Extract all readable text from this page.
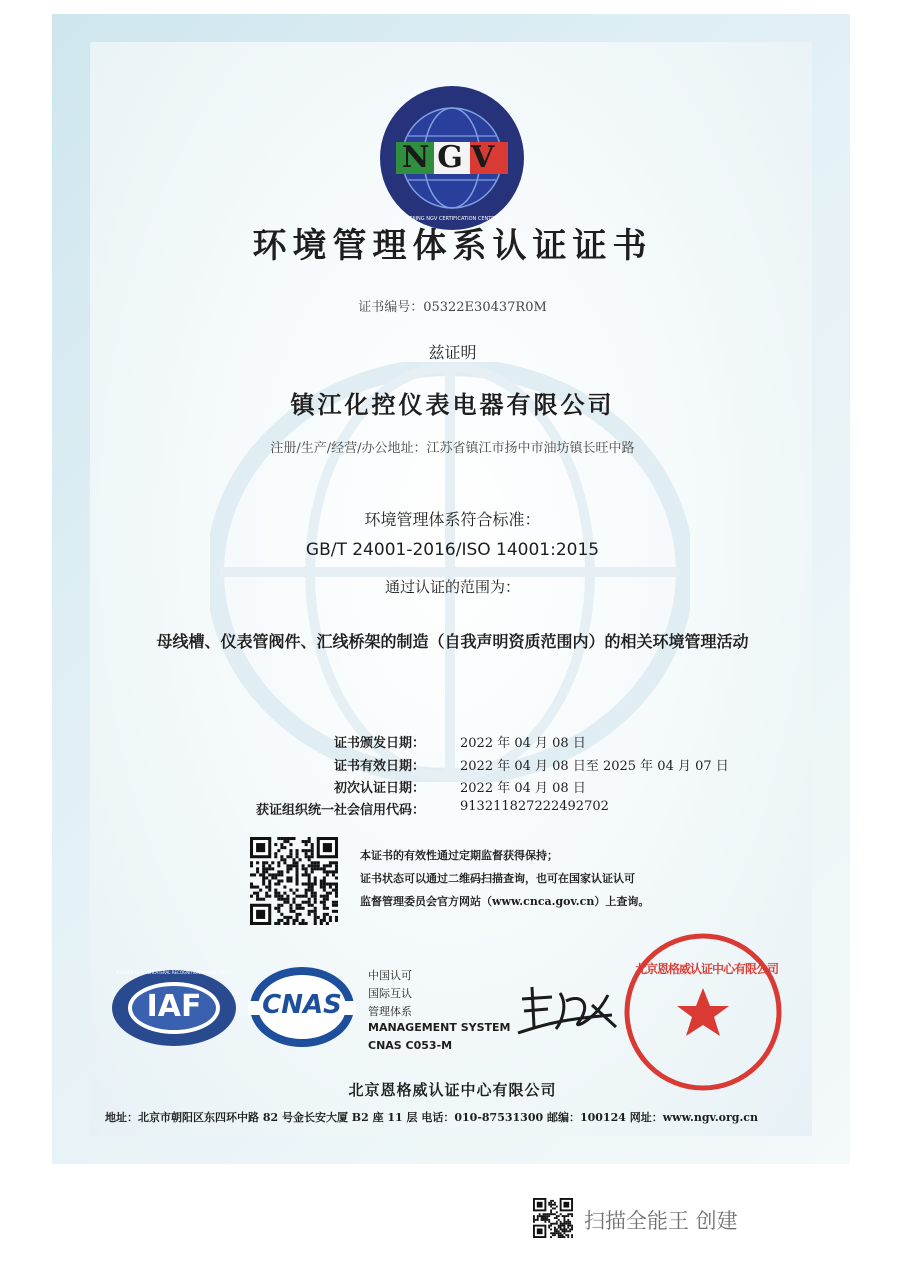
NGV
BEIJING NGV CERTIFICATION CENTRE
环境管理体系认证证书
证书编号：05322E30437R0M
兹证明
镇江化控仪表电器有限公司
注册/生产/经营/办公地址：江苏省镇江市扬中市油坊镇长旺中路
环境管理体系符合标准：
GB/T 24001-2016/ISO 14001:2015
通过认证的范围为：
母线槽、仪表管阀件、汇线桥架的制造（自我声明资质范围内）的相关环境管理活动
证书颁发日期：	2022 年 04 月 08 日
证书有效日期：	2022 年 04 月 08 日至 2025 年 04 月 07 日
初次认证日期：	2022 年 04 月 08 日
获证组织统一社会信用代码：	913211827222492702
本证书的有效性通过定期监督获得保持；
证书状态可以通过二维码扫描查询，也可在国家认证认可
监督管理委员会官方网站（www.cnca.gov.cn）上查询。
IAF
MEMBER OF MULTILATERAL RECOGNITION ARRANGEMENT
CNAS
中国认可
国际互认
管理体系
MANAGEMENT SYSTEM
CNAS C053-M
北京恩格威认证中心有限公司
北京恩格威认证中心有限公司
地址：北京市朝阳区东四环中路 82 号金长安大厦 B2 座 11 层 电话：010-87531300 邮编：100124 网址：www.ngv.org.cn
扫描全能王 创建
